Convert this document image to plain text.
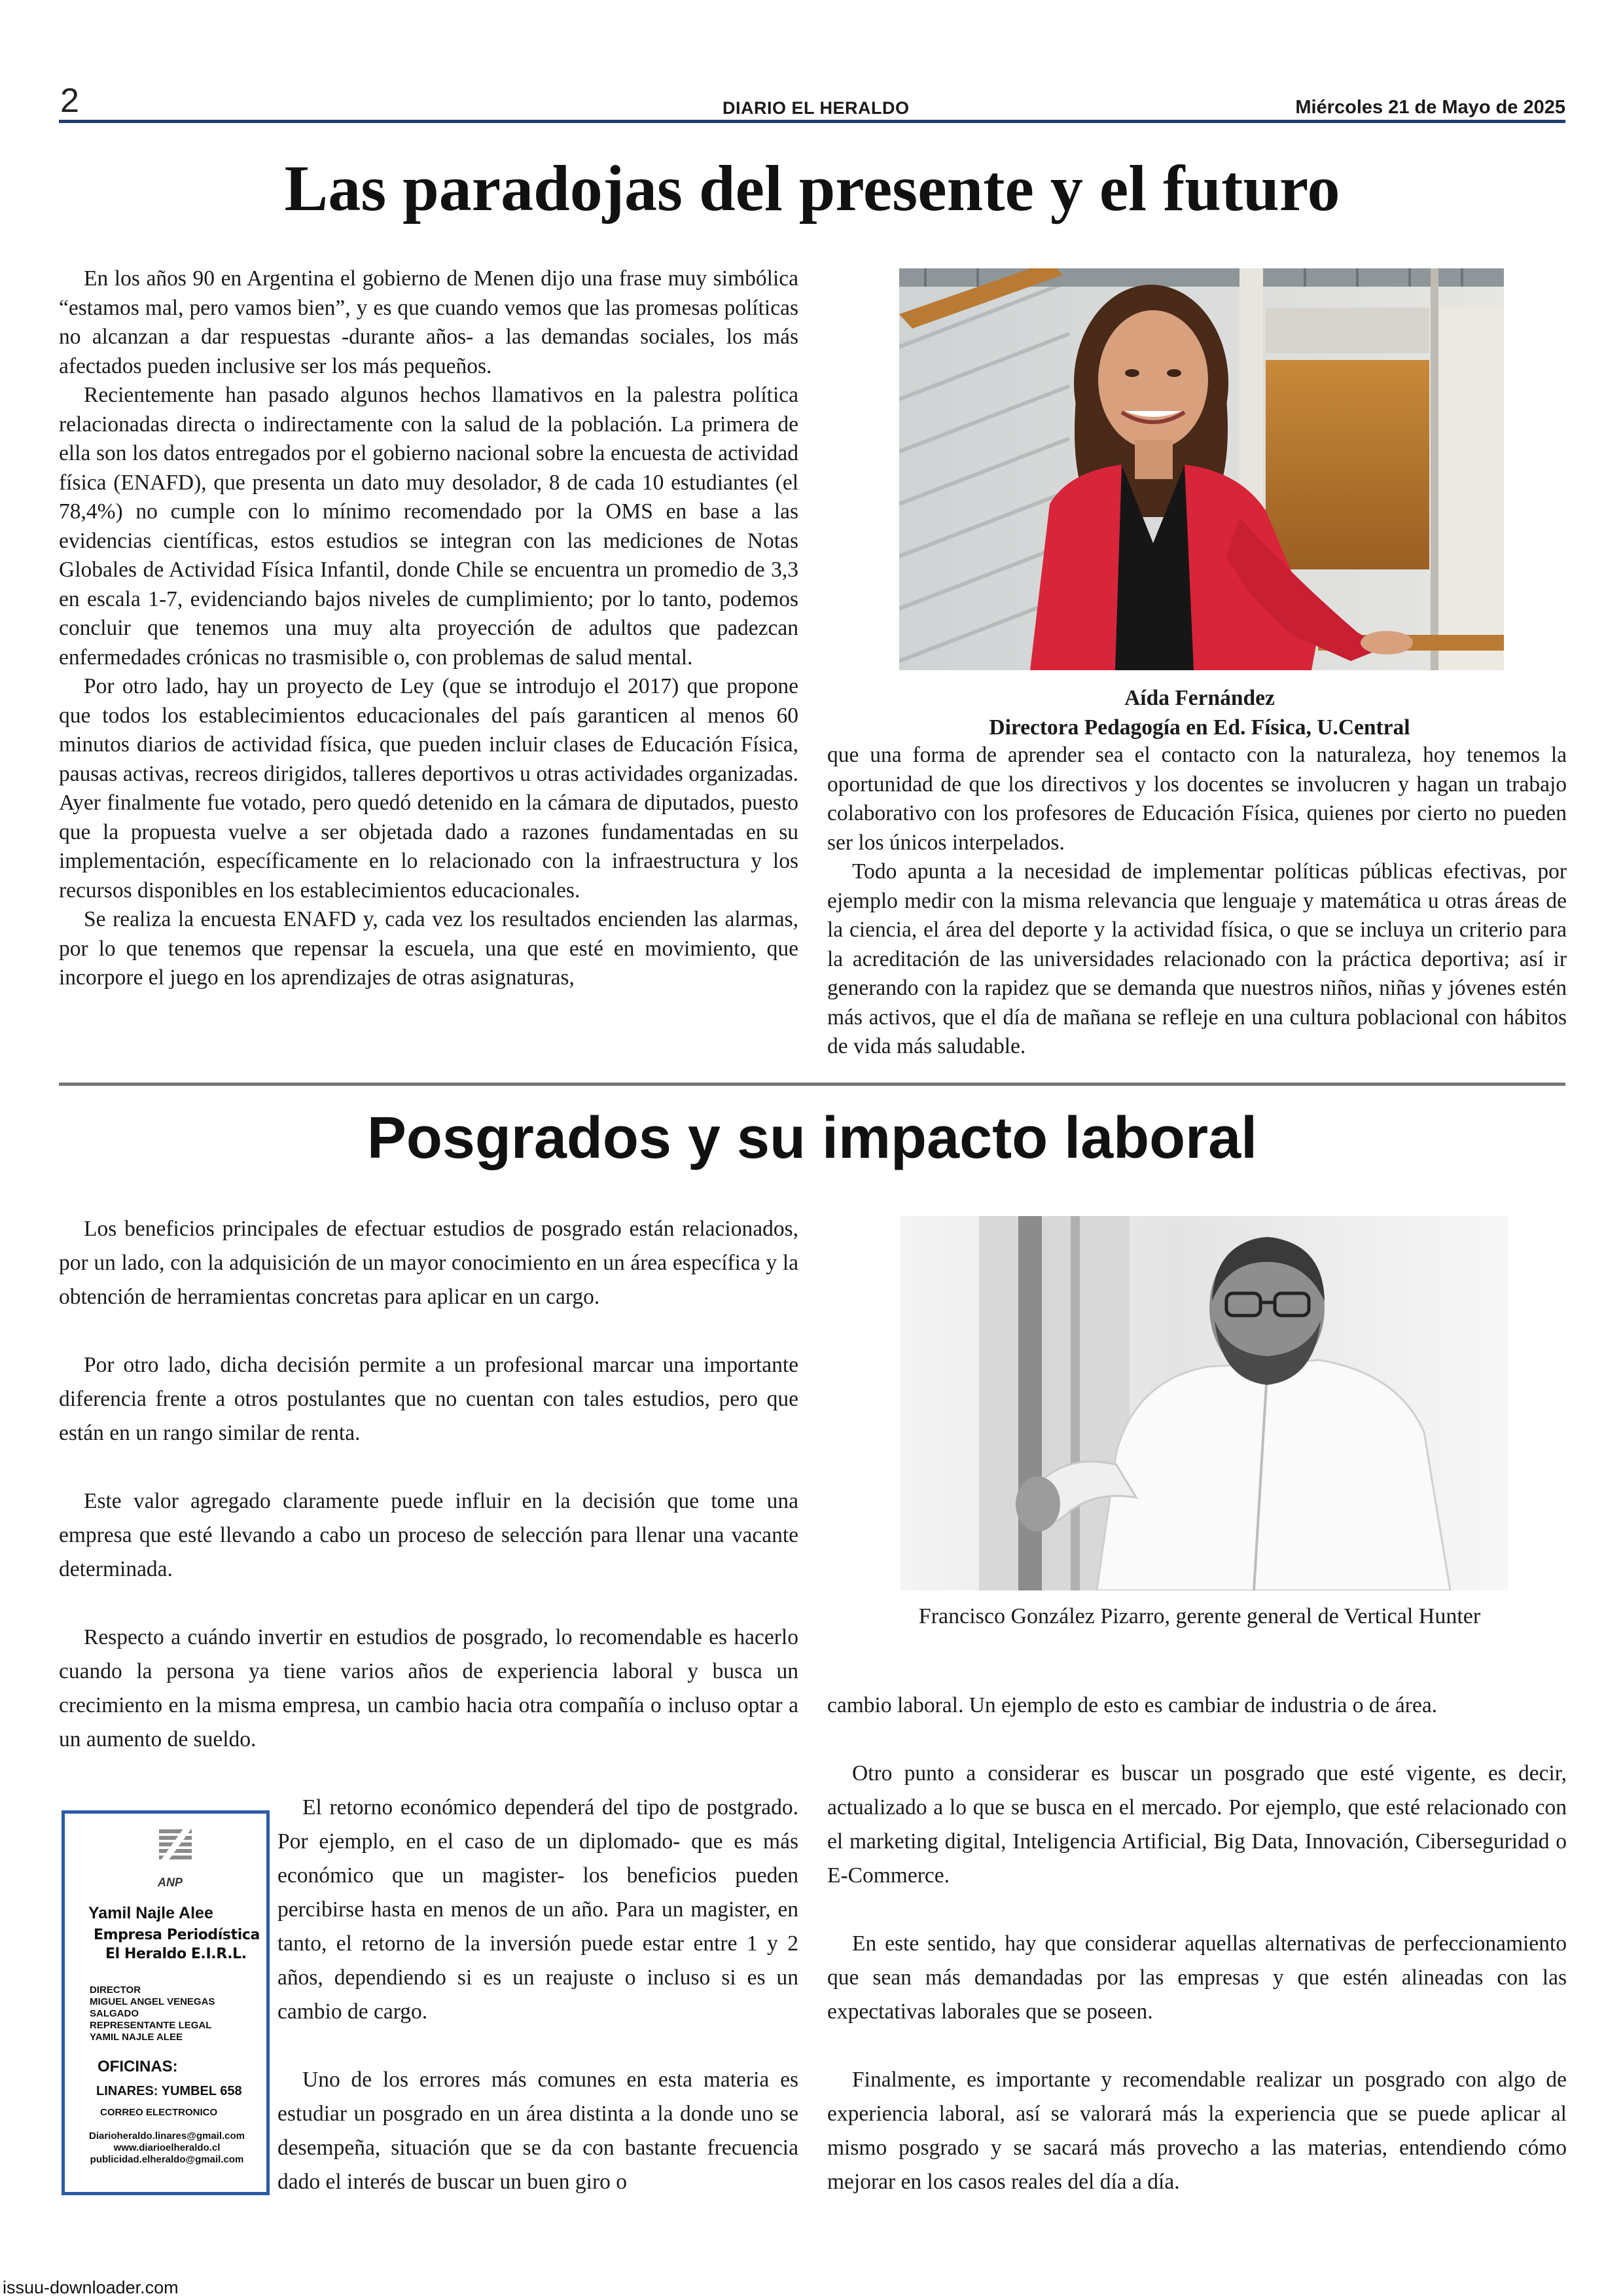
2	DIARIO EL HERALDO	Miércoles 21 de Mayo de 2025
Las paradojas del presente y el futuro

En los años 90 en Argentina el gobierno de Menen dijo una frase muy simbólica “estamos mal, pero vamos bien”, y es que cuando vemos que las promesas políticas no alcanzan a dar respuestas -durante años- a las demandas sociales, los más afectados pueden inclusive ser los más pequeños.

Recientemente han pasado algunos hechos llamativos en la palestra política relacionadas directa o indirectamente con la salud de la población. La primera de ella son los datos entregados por el gobierno nacional sobre la encuesta de actividad física (ENAFD), que presenta un dato muy desolador, 8 de cada 10 estudiantes (el 78,4%) no cumple con lo mínimo recomendado por la OMS en base a las evidencias científicas, estos estudios se integran con las mediciones de Notas Globales de Actividad Física Infantil, donde Chile se encuentra un promedio de 3,3 en escala 1-7, evidenciando bajos niveles de cumplimiento; por lo tanto, podemos concluir que tenemos una muy alta proyección de adultos que padezcan enfermedades crónicas no trasmisible o, con problemas de salud mental.

Por otro lado, hay un proyecto de Ley (que se introdujo el 2017) que propone que todos los establecimientos educacionales del país garanticen al menos 60 minutos diarios de actividad física, que pueden incluir clases de Educación Física, pausas activas, recreos dirigidos, talleres deportivos u otras actividades organizadas. Ayer finalmente fue votado, pero quedó detenido en la cámara de diputados, puesto que la propuesta vuelve a ser objetada dado a razones fundamentadas en su implementación, específicamente en lo relacionado con la infraestructura y los recursos disponibles en los establecimientos educacionales.

Se realiza la encuesta ENAFD y, cada vez los resultados encienden las alarmas, por lo que tenemos que repensar la escuela, una que esté en movimiento, que incorpore el juego en los aprendizajes de otras asignaturas,

Aída Fernández
Directora Pedagogía en Ed. Física, U.Central

que una forma de aprender sea el contacto con la naturaleza, hoy tenemos la oportunidad de que los directivos y los docentes se involucren y hagan un trabajo colaborativo con los profesores de Educación Física, quienes por cierto no pueden ser los únicos interpelados.

Todo apunta a la necesidad de implementar políticas públicas efectivas, por ejemplo medir con la misma relevancia que lenguaje y matemática u otras áreas de la ciencia, el área del deporte y la actividad física, o que se incluya un criterio para la acreditación de las universidades relacionado con la práctica deportiva; así ir generando con la rapidez que se demanda que nuestros niños, niñas y jóvenes estén más activos, que el día de mañana se refleje en una cultura poblacional con hábitos de vida más saludable.

Posgrados y su impacto laboral

Los beneficios principales de efectuar estudios de posgrado están relacionados, por un lado, con la adquisición de un mayor conocimiento en un área específica y la obtención de herramientas concretas para aplicar en un cargo.

Por otro lado, dicha decisión permite a un profesional marcar una importante diferencia frente a otros postulantes que no cuentan con tales estudios, pero que están en un rango similar de renta.

Este valor agregado claramente puede influir en la decisión que tome una empresa que esté llevando a cabo un proceso de selección para llenar una vacante determinada.

Respecto a cuándo invertir en estudios de posgrado, lo recomendable es hacerlo cuando la persona ya tiene varios años de experiencia laboral y busca un crecimiento en la misma empresa, un cambio hacia otra compañía o incluso optar a un aumento de sueldo.

ANP
Yamil Najle Alee
Empresa Periodística
El Heraldo E.I.R.L.
DIRECTOR
MIGUEL ANGEL VENEGAS SALGADO
REPRESENTANTE LEGAL
YAMIL NAJLE ALEE
OFICINAS:
LINARES: YUMBEL 658
CORREO ELECTRONICO
Diarioheraldo.linares@gmail.com
www.diarioelheraldo.cl
publicidad.elheraldo@gmail.com

El retorno económico dependerá del tipo de postgrado. Por ejemplo, en el caso de un diplomado- que es más económico que un magister- los beneficios pueden percibirse hasta en menos de un año. Para un magister, en tanto, el retorno de la inversión puede estar entre 1 y 2 años, dependiendo si es un reajuste o incluso si es un cambio de cargo.

Uno de los errores más comunes en esta materia es estudiar un posgrado en un área distinta a la donde uno se desempeña, situación que se da con bastante frecuencia dado el interés de buscar un buen giro o

Francisco González Pizarro, gerente general de Vertical Hunter

cambio laboral. Un ejemplo de esto es cambiar de industria o de área.

Otro punto a considerar es buscar un posgrado que esté vigente, es decir, actualizado a lo que se busca en el mercado. Por ejemplo, que esté relacionado con el marketing digital, Inteligencia Artificial, Big Data, Innovación, Ciberseguridad o E-Commerce.

En este sentido, hay que considerar aquellas alternativas de perfeccionamiento que sean más demandadas por las empresas y que estén alineadas con las expectativas laborales que se poseen.

Finalmente, es importante y recomendable realizar un posgrado con algo de experiencia laboral, así se valorará más la experiencia que se puede aplicar al mismo posgrado y se sacará más provecho a las materias, entendiendo cómo mejorar en los casos reales del día a día.

issuu-downloader.com
